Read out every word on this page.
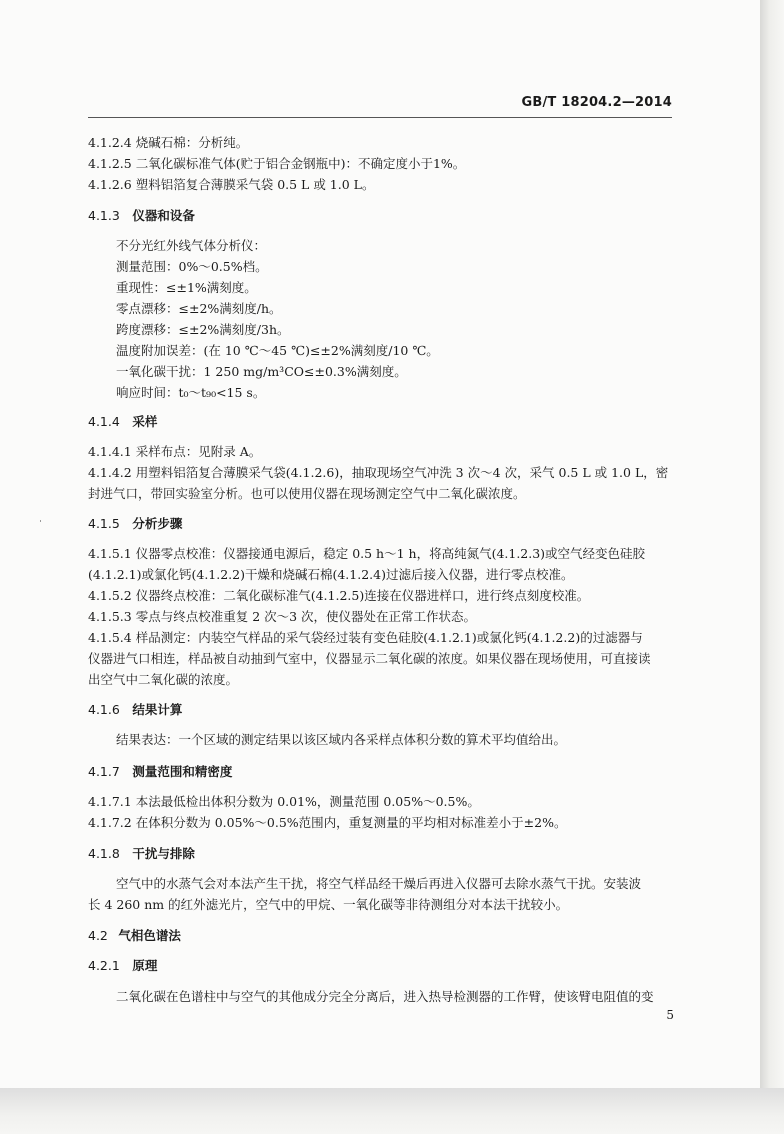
GB/T 18204.2—2014
4.1.2.4 烧碱石棉：分析纯。
4.1.2.5 二氧化碳标准气体(贮于铝合金钢瓶中)：不确定度小于1%。
4.1.2.6 塑料铝箔复合薄膜采气袋 0.5 L 或 1.0 L。
4.1.3 仪器和设备
不分光红外线气体分析仪：
测量范围：0%～0.5%档。
重现性：≤±1%满刻度。
零点漂移：≤±2%满刻度/h。
跨度漂移：≤±2%满刻度/3h。
温度附加误差：(在 10 ℃～45 ℃)≤±2%满刻度/10 ℃。
一氧化碳干扰：1 250 mg/m³CO≤±0.3%满刻度。
响应时间：t₀～t₉₀<15 s。
4.1.4 采样
4.1.4.1 采样布点：见附录 A。
4.1.4.2 用塑料铝箔复合薄膜采气袋(4.1.2.6)，抽取现场空气冲洗 3 次～4 次，采气 0.5 L 或 1.0 L，密
封进气口，带回实验室分析。也可以使用仪器在现场测定空气中二氧化碳浓度。
4.1.5 分析步骤
4.1.5.1 仪器零点校准：仪器接通电源后，稳定 0.5 h～1 h，将高纯氮气(4.1.2.3)或空气经变色硅胶
(4.1.2.1)或氯化钙(4.1.2.2)干燥和烧碱石棉(4.1.2.4)过滤后接入仪器，进行零点校准。
4.1.5.2 仪器终点校准：二氧化碳标准气(4.1.2.5)连接在仪器进样口，进行终点刻度校准。
4.1.5.3 零点与终点校准重复 2 次～3 次，使仪器处在正常工作状态。
4.1.5.4 样品测定：内装空气样品的采气袋经过装有变色硅胶(4.1.2.1)或氯化钙(4.1.2.2)的过滤器与
仪器进气口相连，样品被自动抽到气室中，仪器显示二氧化碳的浓度。如果仪器在现场使用，可直接读
出空气中二氧化碳的浓度。
4.1.6 结果计算
结果表达：一个区域的测定结果以该区域内各采样点体积分数的算术平均值给出。
4.1.7 测量范围和精密度
4.1.7.1 本法最低检出体积分数为 0.01%，测量范围 0.05%～0.5%。
4.1.7.2 在体积分数为 0.05%～0.5%范围内，重复测量的平均相对标准差小于±2%。
4.1.8 干扰与排除
空气中的水蒸气会对本法产生干扰，将空气样品经干燥后再进入仪器可去除水蒸气干扰。安装波
长 4 260 nm 的红外滤光片，空气中的甲烷、一氧化碳等非待测组分对本法干扰较小。
4.2 气相色谱法
4.2.1 原理
二氧化碳在色谱柱中与空气的其他成分完全分离后，进入热导检测器的工作臂，使该臂电阻值的变
5
